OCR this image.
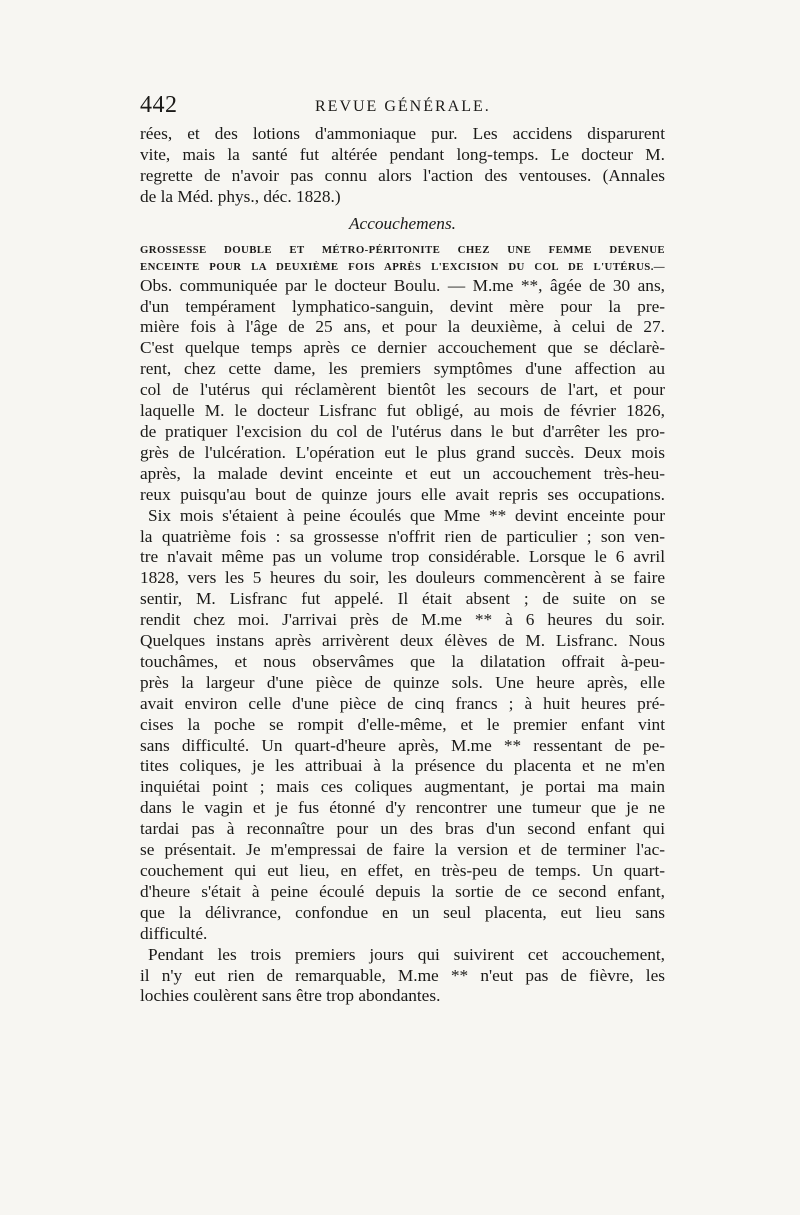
442	REVUE GÉNÉRALE.
rées, et des lotions d'ammoniaque pur. Les accidens disparurent
vite, mais la santé fut altérée pendant long-temps. Le docteur M.
regrette de n'avoir pas connu alors l'action des ventouses. (Annales
de la Méd. phys., déc. 1828.)
Accouchemens.
GROSSESSE DOUBLE ET MÉTRO-PÉRITONITE CHEZ UNE FEMME DEVENUE
ENCEINTE POUR LA DEUXIÈME FOIS APRÈS L'EXCISION DU COL DE L'UTÉRUS.—
Obs. communiquée par le docteur Boulu. — M.me **, âgée de 30 ans,
d'un tempérament lymphatico-sanguin, devint mère pour la pre-
mière fois à l'âge de 25 ans, et pour la deuxième, à celui de 27.
C'est quelque temps après ce dernier accouchement que se déclarè-
rent, chez cette dame, les premiers symptômes d'une affection au
col de l'utérus qui réclamèrent bientôt les secours de l'art, et pour
laquelle M. le docteur Lisfranc fut obligé, au mois de février 1826,
de pratiquer l'excision du col de l'utérus dans le but d'arrêter les pro-
grès de l'ulcération. L'opération eut le plus grand succès. Deux mois
après, la malade devint enceinte et eut un accouchement très-heu-
reux puisqu'au bout de quinze jours elle avait repris ses occupations.
Six mois s'étaient à peine écoulés que Mme ** devint enceinte pour
la quatrième fois : sa grossesse n'offrit rien de particulier ; son ven-
tre n'avait même pas un volume trop considérable. Lorsque le 6 avril
1828, vers les 5 heures du soir, les douleurs commencèrent à se faire
sentir, M. Lisfranc fut appelé. Il était absent ; de suite on se
rendit chez moi. J'arrivai près de M.me ** à 6 heures du soir.
Quelques instans après arrivèrent deux élèves de M. Lisfranc. Nous
touchâmes, et nous observâmes que la dilatation offrait à-peu-
près la largeur d'une pièce de quinze sols. Une heure après, elle
avait environ celle d'une pièce de cinq francs ; à huit heures pré-
cises la poche se rompit d'elle-même, et le premier enfant vint
sans difficulté. Un quart-d'heure après, M.me ** ressentant de pe-
tites coliques, je les attribuai à la présence du placenta et ne m'en
inquiétai point ; mais ces coliques augmentant, je portai ma main
dans le vagin et je fus étonné d'y rencontrer une tumeur que je ne
tardai pas à reconnaître pour un des bras d'un second enfant qui
se présentait. Je m'empressai de faire la version et de terminer l'ac-
couchement qui eut lieu, en effet, en très-peu de temps. Un quart-
d'heure s'était à peine écoulé depuis la sortie de ce second enfant,
que la délivrance, confondue en un seul placenta, eut lieu sans
difficulté.
Pendant les trois premiers jours qui suivirent cet accouchement,
il n'y eut rien de remarquable, M.me ** n'eut pas de fièvre, les
lochies coulèrent sans être trop abondantes.
